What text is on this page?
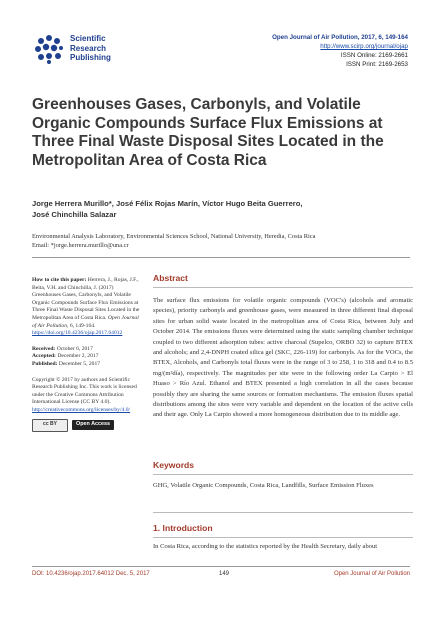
Scientific
Research
Publishing
Open Journal of Air Pollution, 2017, 6, 149-164
http://www.scirp.org/journal/ojap
ISSN Online: 2169-2661
ISSN Print: 2169-2653
Greenhouses Gases, Carbonyls, and Volatile Organic Compounds Surface Flux Emissions at Three Final Waste Disposal Sites Located in the Metropolitan Area of Costa Rica
Jorge Herrera Murillo*, José Félix Rojas Marín, Víctor Hugo Beita Guerrero,
José Chinchilla Salazar
Environmental Analysis Laboratory, Environmental Sciences School, National University, Heredia, Costa Rica
Email: *jorge.herrera.murillo@una.cr
How to cite this paper: Herrera, J., Rojas, J.F., Beita, V.H. and Chinchilla, J. (2017) Greenhouses Gases, Carbonyls, and Volatile Organic Compounds Surface Flux Emissions at Three Final Waste Disposal Sites Located in the Metropolitan Area of Costa Rica. Open Journal of Air Pollution, 6, 149-164. https://doi.org/10.4236/ojap.2017.64012
Received: October 6, 2017
Accepted: December 2, 2017
Published: December 5, 2017
Copyright © 2017 by authors and Scientific Research Publishing Inc. This work is licensed under the Creative Commons Attribution International License (CC BY 4.0). http://creativecommons.org/licenses/by/4.0/
cc BY	Open Access
Abstract
The surface flux emissions for volatile organic compounds (VOC's) (alcohols and aromatic species), priority carbonyls and greenhouse gases, were measured in three different final disposal sites for urban solid waste located in the metropolitan area of Costa Rica, between July and October 2014. The emissions fluxes were determined using the static sampling chamber technique coupled to two different adsorption tubes: active charcoal (Supelco, ORBO 32) to capture BTEX and alcohols; and 2,4-DNPH coated silica gel (SKC, 226-119) for carbonyls. As for the VOCs, the BTEX, Alcohols, and Carbonyls total fluxes were in the range of 3 to 258, 1 to 318 and 0.4 to 8.5 mg/(m²día), respectively. The magnitudes per site were in the following order La Carpio > El Huaso > Río Azul. Ethanol and BTEX presented a high correlation in all the cases because possibly they are sharing the same sources or formation mechanisms. The emission fluxes spatial distributions among the sites were very variable and dependent on the location of the active cells and their age. Only La Carpio showed a more homogeneous distribution due to its middle age.
Keywords
GHG, Volatile Organic Compounds, Costa Rica, Landfills, Surface Emission Fluxes
1. Introduction
In Costa Rica, according to the statistics reported by the Health Secretary, daily about
DOI: 10.4236/ojap.2017.64012 Dec. 5, 2017	149	Open Journal of Air Pollution
